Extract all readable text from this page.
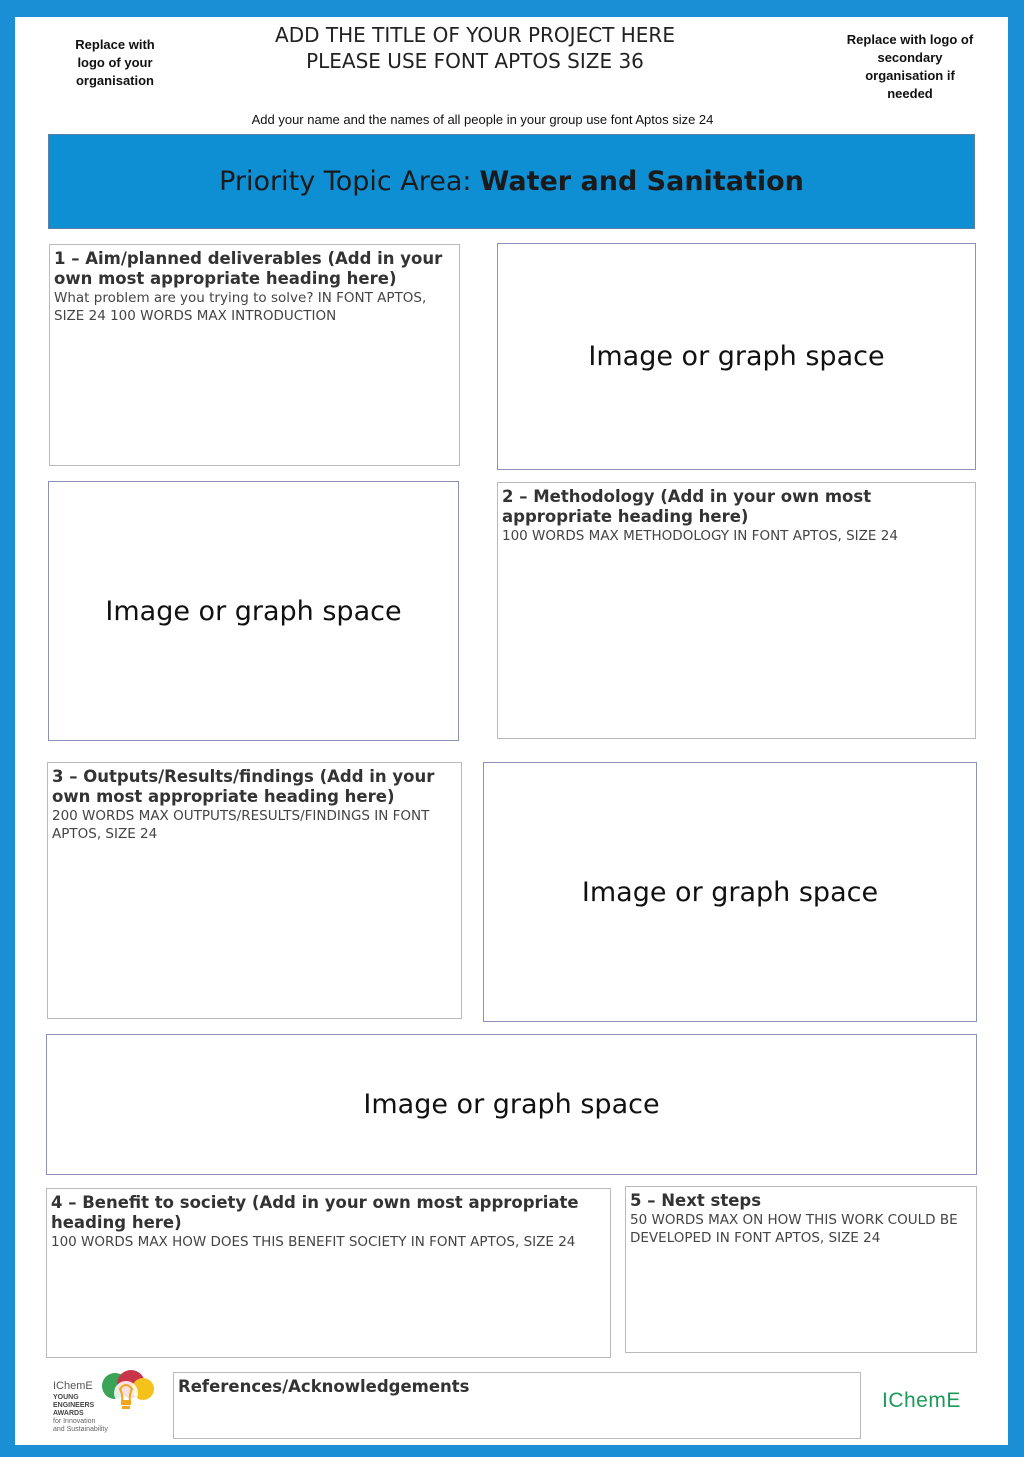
Replace with logo of your organisation
ADD THE TITLE OF YOUR PROJECT HERE
PLEASE USE FONT APTOS SIZE 36
Replace with logo of secondary organisation if needed
Add your name and the names of all people in your group use font Aptos size 24
Priority Topic Area: Water and Sanitation
1 – Aim/planned deliverables (Add in your own most appropriate heading here)
What problem are you trying to solve? IN FONT APTOS, SIZE 24 100 WORDS MAX INTRODUCTION
Image or graph space
Image or graph space
2 – Methodology (Add in your own most appropriate heading here)
100 WORDS MAX METHODOLOGY IN FONT APTOS, SIZE 24
3 – Outputs/Results/findings (Add in your own most appropriate heading here)
200 WORDS MAX OUTPUTS/RESULTS/FINDINGS IN FONT APTOS, SIZE 24
Image or graph space
Image or graph space
4 – Benefit to society (Add in your own most appropriate heading here)
100 WORDS MAX HOW DOES THIS BENEFIT SOCIETY IN FONT APTOS, SIZE 24
5 – Next steps
50 WORDS MAX ON HOW THIS WORK COULD BE DEVELOPED IN FONT APTOS, SIZE 24
IChemE
YOUNG
ENGINEERS
AWARDS
for Innovation
and Sustainability
References/Acknowledgements
IChemE
